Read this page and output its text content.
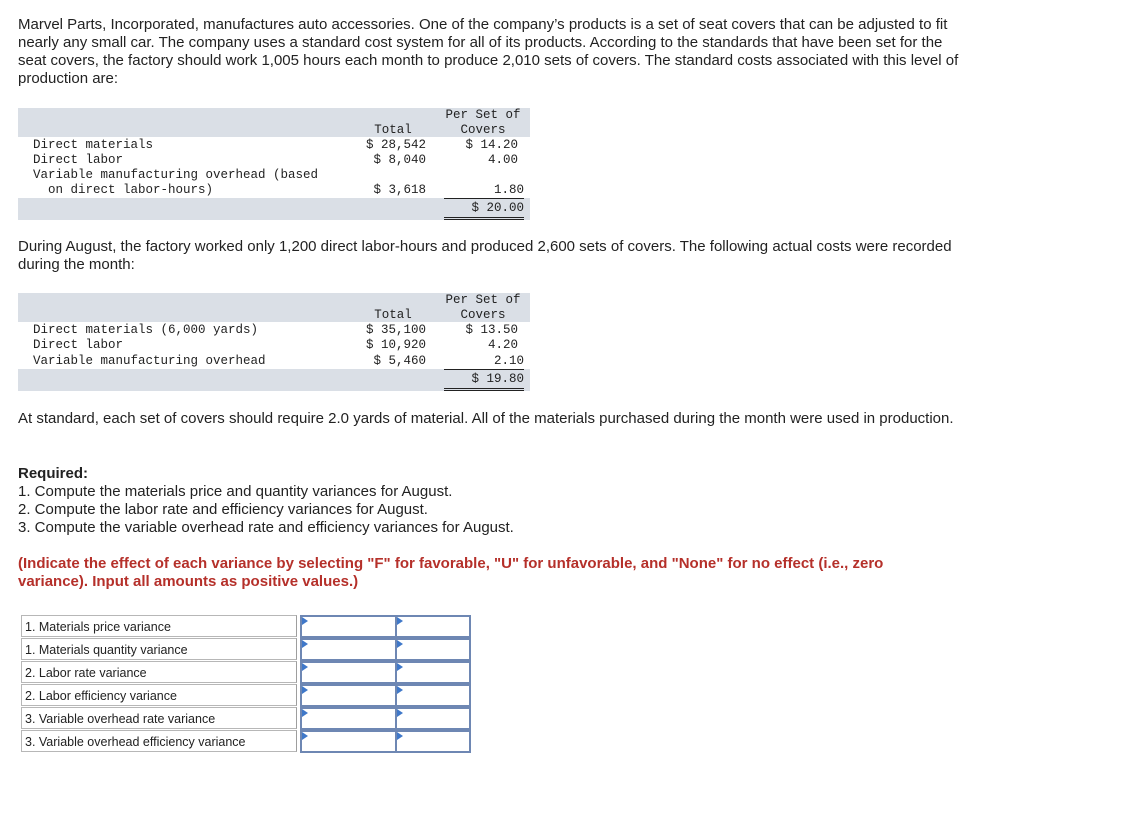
Marvel Parts, Incorporated, manufactures auto accessories. One of the company’s products is a set of seat covers that can be adjusted to fit nearly any small car. The company uses a standard cost system for all of its products. According to the standards that have been set for the seat covers, the factory should work 1,005 hours each month to produce 2,010 sets of covers. The standard costs associated with this level of production are:

Per Set of
Total	Covers
Direct materials	$ 28,542	$ 14.20
Direct labor	$ 8,040	4.00
Variable manufacturing overhead (based
on direct labor-hours)	$ 3,618	1.80
$ 20.00

During August, the factory worked only 1,200 direct labor-hours and produced 2,600 sets of covers. The following actual costs were recorded during the month:

Per Set of
Total	Covers
Direct materials (6,000 yards)	$ 35,100	$ 13.50
Direct labor	$ 10,920	4.20
Variable manufacturing overhead	$ 5,460	2.10
$ 19.80

At standard, each set of covers should require 2.0 yards of material. All of the materials purchased during the month were used in production.

Required:
1. Compute the materials price and quantity variances for August.
2. Compute the labor rate and efficiency variances for August.
3. Compute the variable overhead rate and efficiency variances for August.
(Indicate the effect of each variance by selecting "F" for favorable, "U" for unfavorable, and "None" for no effect (i.e., zero variance). Input all amounts as positive values.)
1. Materials price variance
1. Materials quantity variance
2. Labor rate variance
2. Labor efficiency variance
3. Variable overhead rate variance
3. Variable overhead efficiency variance
